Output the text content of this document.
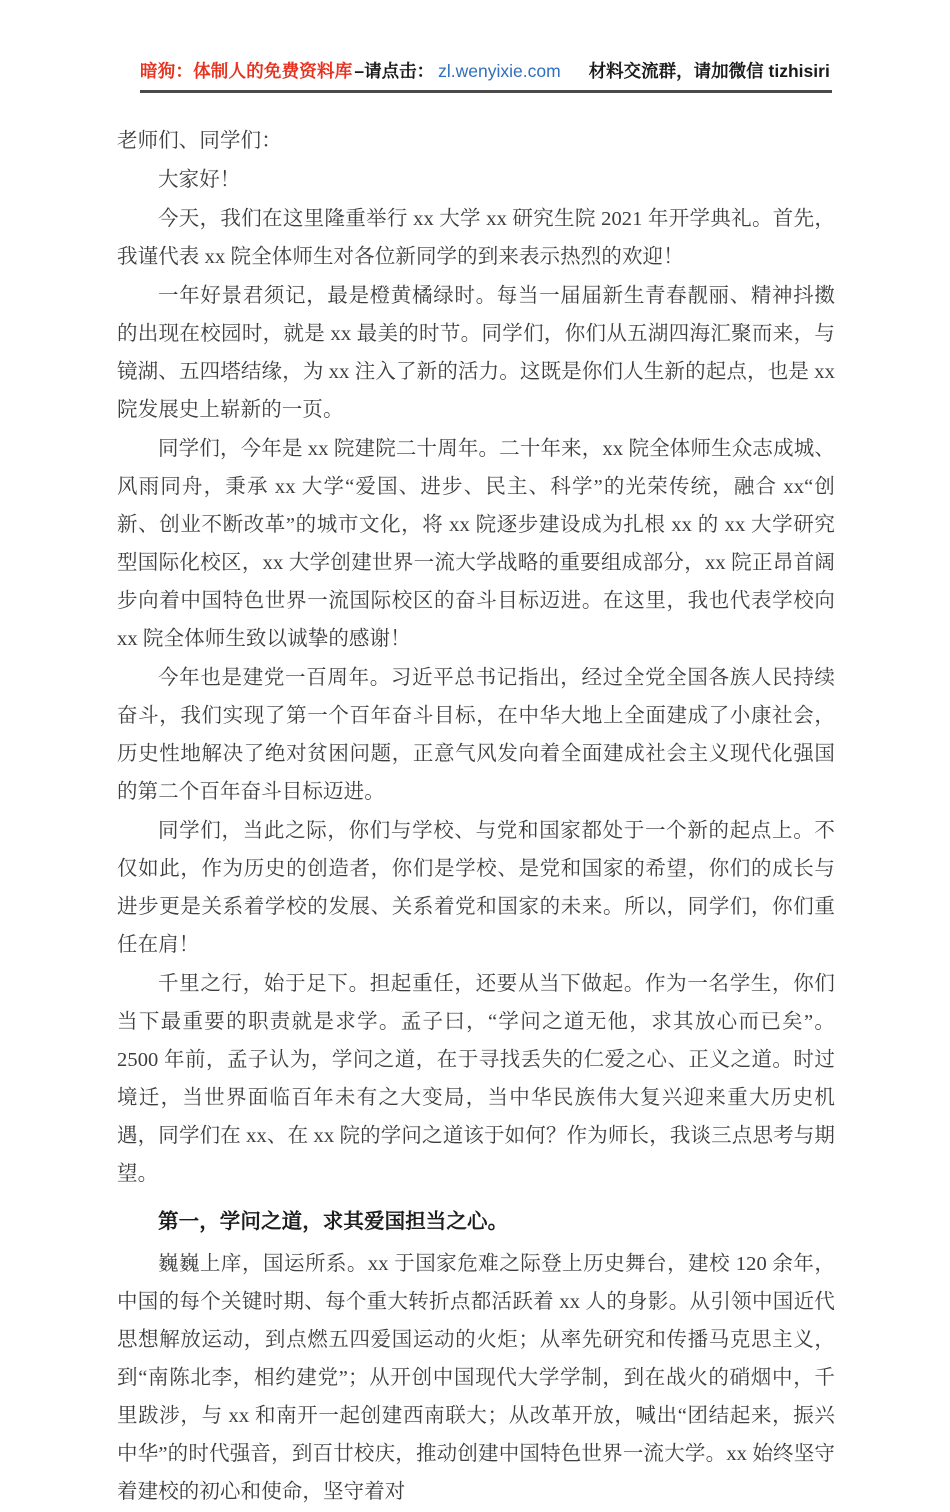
暗狗：体制人的免费资料库 –请点击： zl.wenyixie.com 材料交流群，请加微信 tizhisiri

老师们、同学们：

大家好！

今天，我们在这里隆重举行 xx 大学 xx 研究生院 2021 年开学典礼。首先，我谨代表 xx 院全体师生对各位新同学的到来表示热烈的欢迎！

一年好景君须记，最是橙黄橘绿时。每当一届届新生青春靓丽、精神抖擞的出现在校园时，就是 xx 最美的时节。同学们，你们从五湖四海汇聚而来，与镜湖、五四塔结缘，为 xx 注入了新的活力。这既是你们人生新的起点，也是 xx 院发展史上崭新的一页。

同学们，今年是 xx 院建院二十周年。二十年来，xx 院全体师生众志成城、风雨同舟，秉承 xx 大学“爱国、进步、民主、科学”的光荣传统，融合 xx“创新、创业不断改革”的城市文化，将 xx 院逐步建设成为扎根 xx 的 xx 大学研究型国际化校区，xx 大学创建世界一流大学战略的重要组成部分，xx 院正昂首阔步向着中国特色世界一流国际校区的奋斗目标迈进。在这里，我也代表学校向 xx 院全体师生致以诚挚的感谢！

今年也是建党一百周年。习近平总书记指出，经过全党全国各族人民持续奋斗，我们实现了第一个百年奋斗目标，在中华大地上全面建成了小康社会，历史性地解决了绝对贫困问题，正意气风发向着全面建成社会主义现代化强国的第二个百年奋斗目标迈进。

同学们，当此之际，你们与学校、与党和国家都处于一个新的起点上。不仅如此，作为历史的创造者，你们是学校、是党和国家的希望，你们的成长与进步更是关系着学校的发展、关系着党和国家的未来。所以，同学们，你们重任在肩！

千里之行，始于足下。担起重任，还要从当下做起。作为一名学生，你们当下最重要的职责就是求学。孟子曰，“学问之道无他，求其放心而已矣”。2500 年前，孟子认为，学问之道，在于寻找丢失的仁爱之心、正义之道。时过境迁，当世界面临百年未有之大变局，当中华民族伟大复兴迎来重大历史机遇，同学们在 xx、在 xx 院的学问之道该于如何？作为师长，我谈三点思考与期望。

第一，学问之道，求其爱国担当之心。

巍巍上庠，国运所系。xx 于国家危难之际登上历史舞台，建校 120 余年，中国的每个关键时期、每个重大转折点都活跃着 xx 人的身影。从引领中国近代思想解放运动，到点燃五四爱国运动的火炬；从率先研究和传播马克思主义，到“南陈北李，相约建党”；从开创中国现代大学学制，到在战火的硝烟中，千里跋涉，与 xx 和南开一起创建西南联大；从改革开放，喊出“团结起来，振兴中华”的时代强音，到百廿校庆，推动创建中国特色世界一流大学。xx 始终坚守着建校的初心和使命，坚守着对
